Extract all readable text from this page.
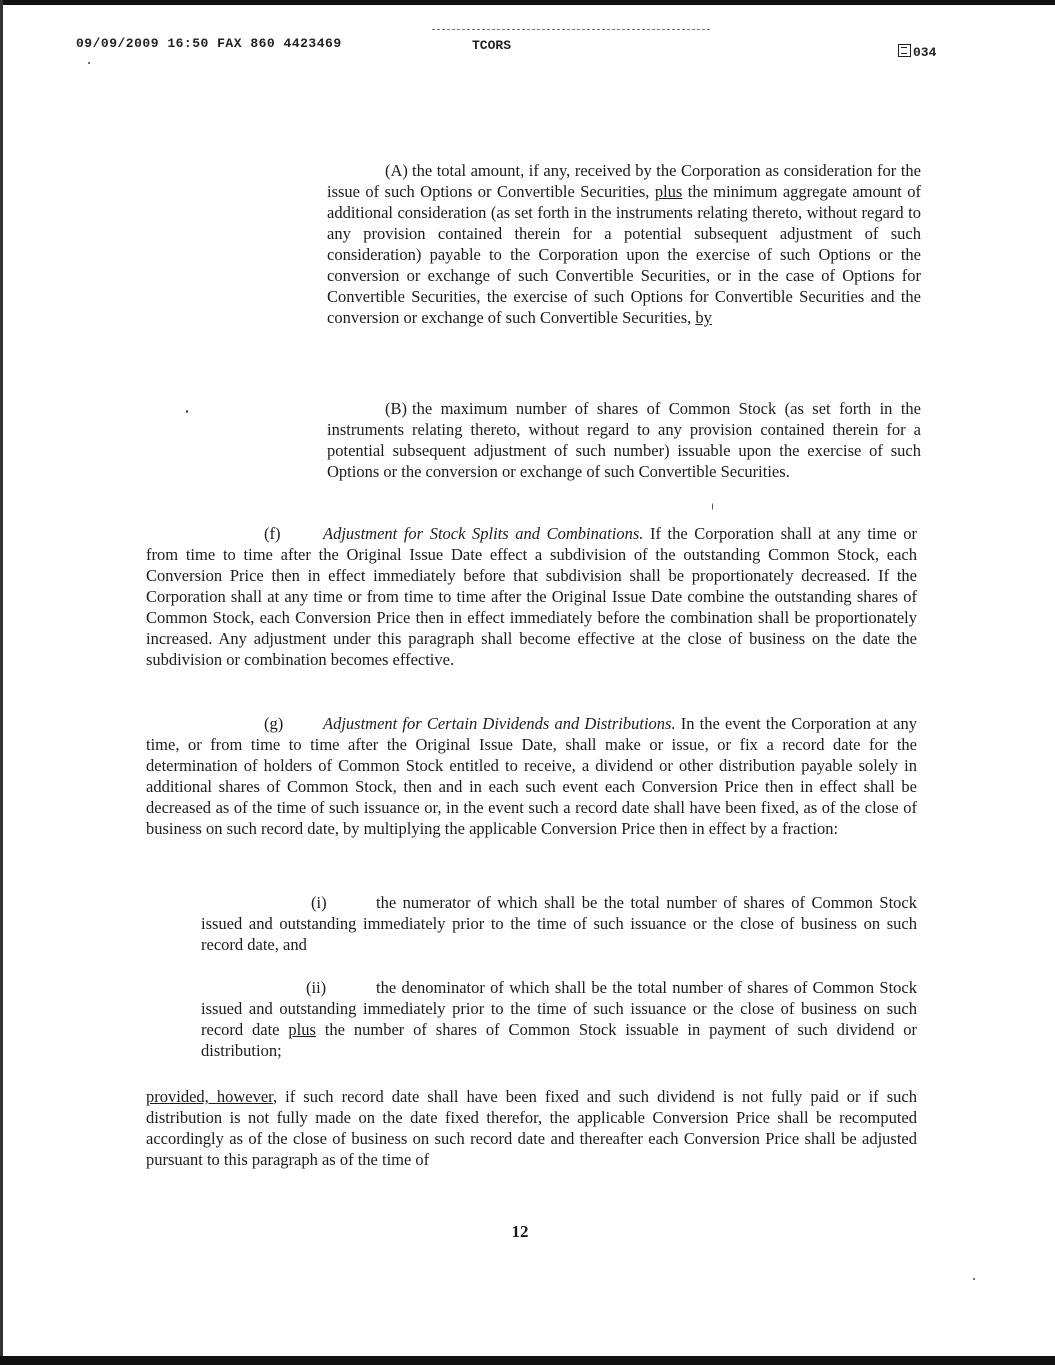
09/09/2009 16:50 FAX 860 4423469	TCORS	034
(A) the total amount, if any, received by the Corporation as consideration for the issue of such Options or Convertible Securities, plus the minimum aggregate amount of additional consideration (as set forth in the instruments relating thereto, without regard to any provision contained therein for a potential subsequent adjustment of such consideration) payable to the Corporation upon the exercise of such Options or the conversion or exchange of such Convertible Securities, or in the case of Options for Convertible Securities, the exercise of such Options for Convertible Securities and the conversion or exchange of such Convertible Securities, by
(B) the maximum number of shares of Common Stock (as set forth in the instruments relating thereto, without regard to any provision contained therein for a potential subsequent adjustment of such number) issuable upon the exercise of such Options or the conversion or exchange of such Convertible Securities.
(f)	Adjustment for Stock Splits and Combinations. If the Corporation shall at any time or from time to time after the Original Issue Date effect a subdivision of the outstanding Common Stock, each Conversion Price then in effect immediately before that subdivision shall be proportionately decreased. If the Corporation shall at any time or from time to time after the Original Issue Date combine the outstanding shares of Common Stock, each Conversion Price then in effect immediately before the combination shall be proportionately increased. Any adjustment under this paragraph shall become effective at the close of business on the date the subdivision or combination becomes effective.
(g) Adjustment for Certain Dividends and Distributions. In the event the Corporation at any time, or from time to time after the Original Issue Date, shall make or issue, or fix a record date for the determination of holders of Common Stock entitled to receive, a dividend or other distribution payable solely in additional shares of Common Stock, then and in each such event each Conversion Price then in effect shall be decreased as of the time of such issuance or, in the event such a record date shall have been fixed, as of the close of business on such record date, by multiplying the applicable Conversion Price then in effect by a fraction:
(i)	the numerator of which shall be the total number of shares of Common Stock issued and outstanding immediately prior to the time of such issuance or the close of business on such record date, and
(ii)	the denominator of which shall be the total number of shares of Common Stock issued and outstanding immediately prior to the time of such issuance or the close of business on such record date plus the number of shares of Common Stock issuable in payment of such dividend or distribution;
provided, however, if such record date shall have been fixed and such dividend is not fully paid or if such distribution is not fully made on the date fixed therefor, the applicable Conversion Price shall be recomputed accordingly as of the close of business on such record date and thereafter each Conversion Price shall be adjusted pursuant to this paragraph as of the time of
12
